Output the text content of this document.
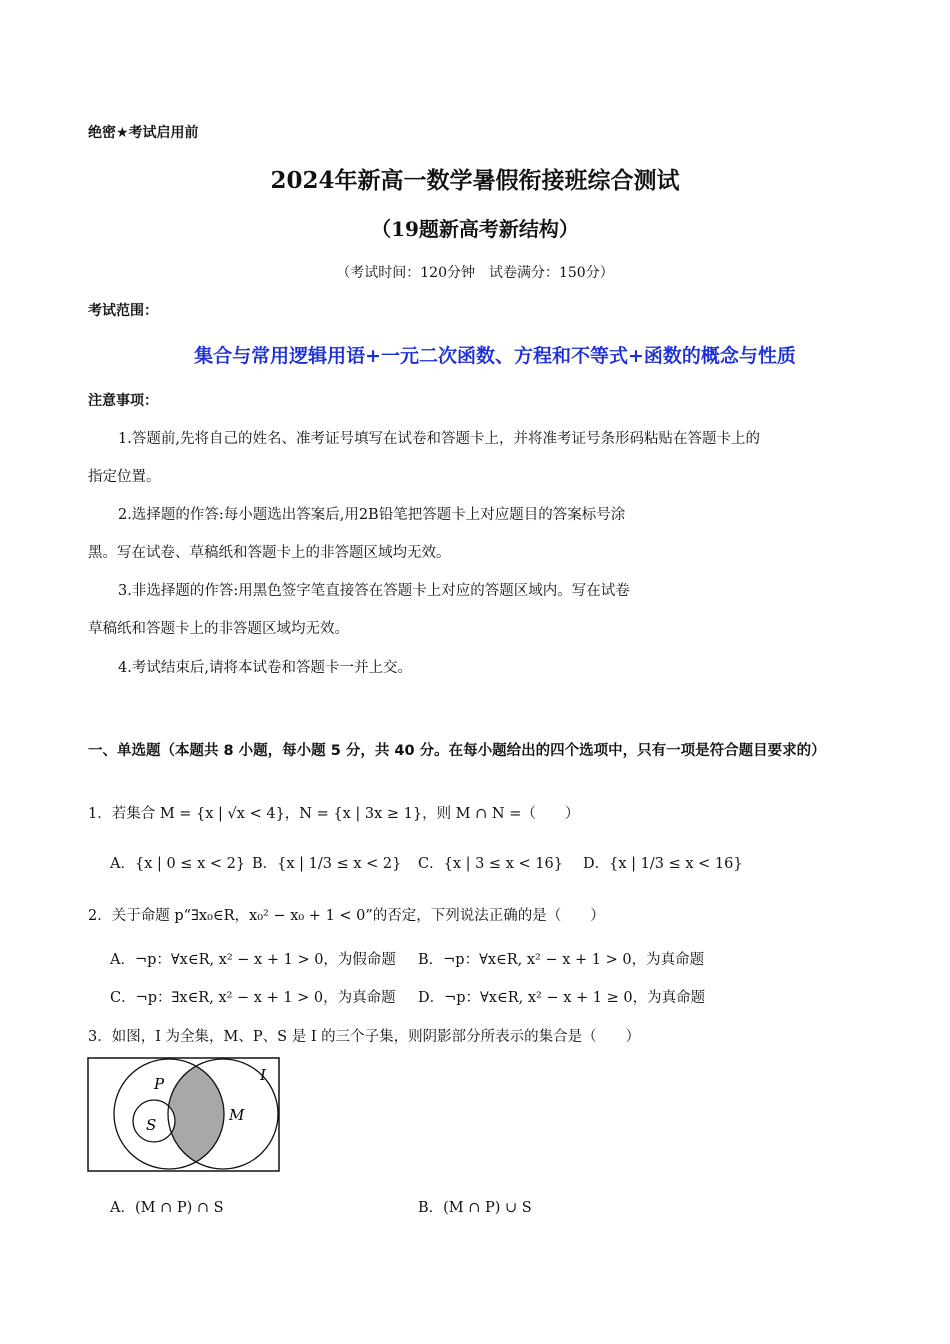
绝密★考试启用前
2024年新高一数学暑假衔接班综合测试
（19题新高考新结构）
（考试时间：120分钟　试卷满分：150分）
考试范围：
集合与常用逻辑用语+一元二次函数、方程和不等式+函数的概念与性质
注意事项：
1.答题前,先将自己的姓名、准考证号填写在试卷和答题卡上，并将准考证号条形码粘贴在答题卡上的
指定位置。
2.选择题的作答:每小题选出答案后,用2B铅笔把答题卡上对应题目的答案标号涂
黑。写在试卷、草稿纸和答题卡上的非答题区域均无效。
3.非选择题的作答:用黑色签字笔直接答在答题卡上对应的答题区域内。写在试卷
草稿纸和答题卡上的非答题区域均无效。
4.考试结束后,请将本试卷和答题卡一并上交。
一、单选题（本题共 8 小题，每小题 5 分，共 40 分。在每小题给出的四个选项中，只有一项是符合题目要求的）
1．若集合 M = {x | √x < 4}，N = {x | 3x ≥ 1}，则 M ∩ N =（　　）
A．{x | 0 ≤ x < 2} B．{x | 1/3 ≤ x < 2} C．{x | 3 ≤ x < 16} D．{x | 1/3 ≤ x < 16}
2．关于命题 p“∃x₀∈R，x₀² − x₀ + 1 < 0”的否定，下列说法正确的是（　　）
A．¬p：∀x∈R, x² − x + 1 > 0，为假命题 B．¬p：∀x∈R, x² − x + 1 > 0，为真命题
C．¬p：∃x∈R, x² − x + 1 > 0，为真命题 D．¬p：∀x∈R, x² − x + 1 ≥ 0，为真命题
3．如图，I 为全集，M、P、S 是 I 的三个子集，则阴影部分所表示的集合是（　　）
I
P
M
S
A．(M ∩ P) ∩ S	B．(M ∩ P) ∪ S
